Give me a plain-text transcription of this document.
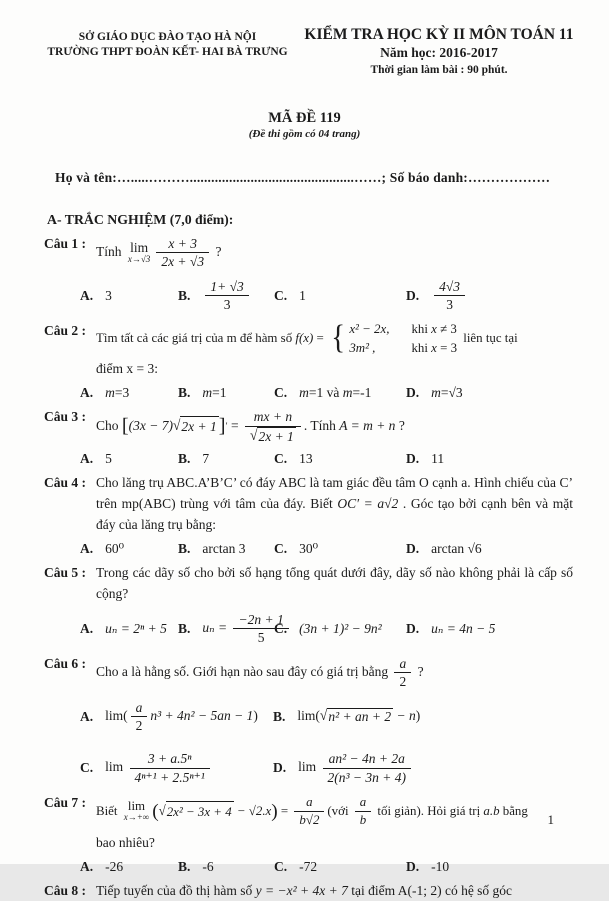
SỞ GIÁO DỤC ĐÀO TẠO HÀ NỘI
TRƯỜNG THPT ĐOÀN KẾT- HAI BÀ TRƯNG
KIỂM TRA HỌC KỲ II MÔN TOÁN 11
Năm học: 2016-2017
Thời gian làm bài : 90 phút.
MÃ ĐỀ 119
(Đề thi gồm có 04 trang)
Họ và tên:….....………..............................................……; Số báo danh:………………
A- TRẮC NGHIỆM (7,0 điểm):
Câu 1 :
Tính lim
x→√3
x + 3
2x + √3
?
A. 3	B. $\frac{1+ √3}{3} C$. 1	D. $\frac{4√3}{3}$
Câu 2 :
Tìm tất cả các giá trị của m để hàm số f(x) = { x² − 2x, khi x ≠ 3
3m² ,	khi x = 3
liên tục tại
điểm x = 3:
A. m=3	B. m=1	C. m=1 và m=-1	D. m=√3
Câu 3 :
Cho [ (3x − 7) √ 2x + 1 ] ′ = $\frac{mx + n}{√ 2x + 1}$ . Tính A = m + n ?
A. 5	B. 7	C. 13	D. 11
Câu 4 : Cho lăng trụ ABC.A’B’C’ có đáy ABC là tam giác đều tâm O cạnh a. Hình chiếu của C’ trên mp(ABC) trùng với tâm của đáy. Biết OC′ = a√2 . Góc tạo bởi cạnh bên và mặt đáy của lăng trụ bằng:
A. 60⁰	B. arctan 3 C. 30⁰	D. arctan √6
Câu 5 : Trong các dãy số cho bởi số hạng tổng quát dưới đây, dãy số nào không phải là cấp số cộng?
A. uₙ = 2ⁿ + 5 B. $u_n = \frac{-2n + 1}{5}$
C. (3n + 1)² − 9n² D. uₙ = 4n − 5
Câu 6 :
Cho a là hằng số. Giới hạn nào sau đây có giá trị bằng
a
2
?
A. $\lim( \frac{a}{2} n^3 + 4n^2 - 5an - 1)$ B. lim( √ n² + an + 2 − n)
C. $\lim \frac{\text{3 + a.5ⁿ}}{\text{4ⁿ⁺¹ + 2.5ⁿ⁺¹}}$	D. $\lim \frac{\text{an² − 4n + 2a}}{\text{2(n³ − 3n + 4)}}$
Câu 7 :
Biết lim
x→+∞ ( √ 2x² − 3x + 4 − √2.x ) = $\frac{a}{b√2}$ (với
a
b
tối giản). Hỏi giá trị a.b bằng
bao nhiêu?
A. -26	B. -6	C. -72	D. -10
Câu 8 : Tiếp tuyến của đồ thị hàm số y = −x² + 4x + 7 tại điểm A(-1; 2) có hệ số góc
1
